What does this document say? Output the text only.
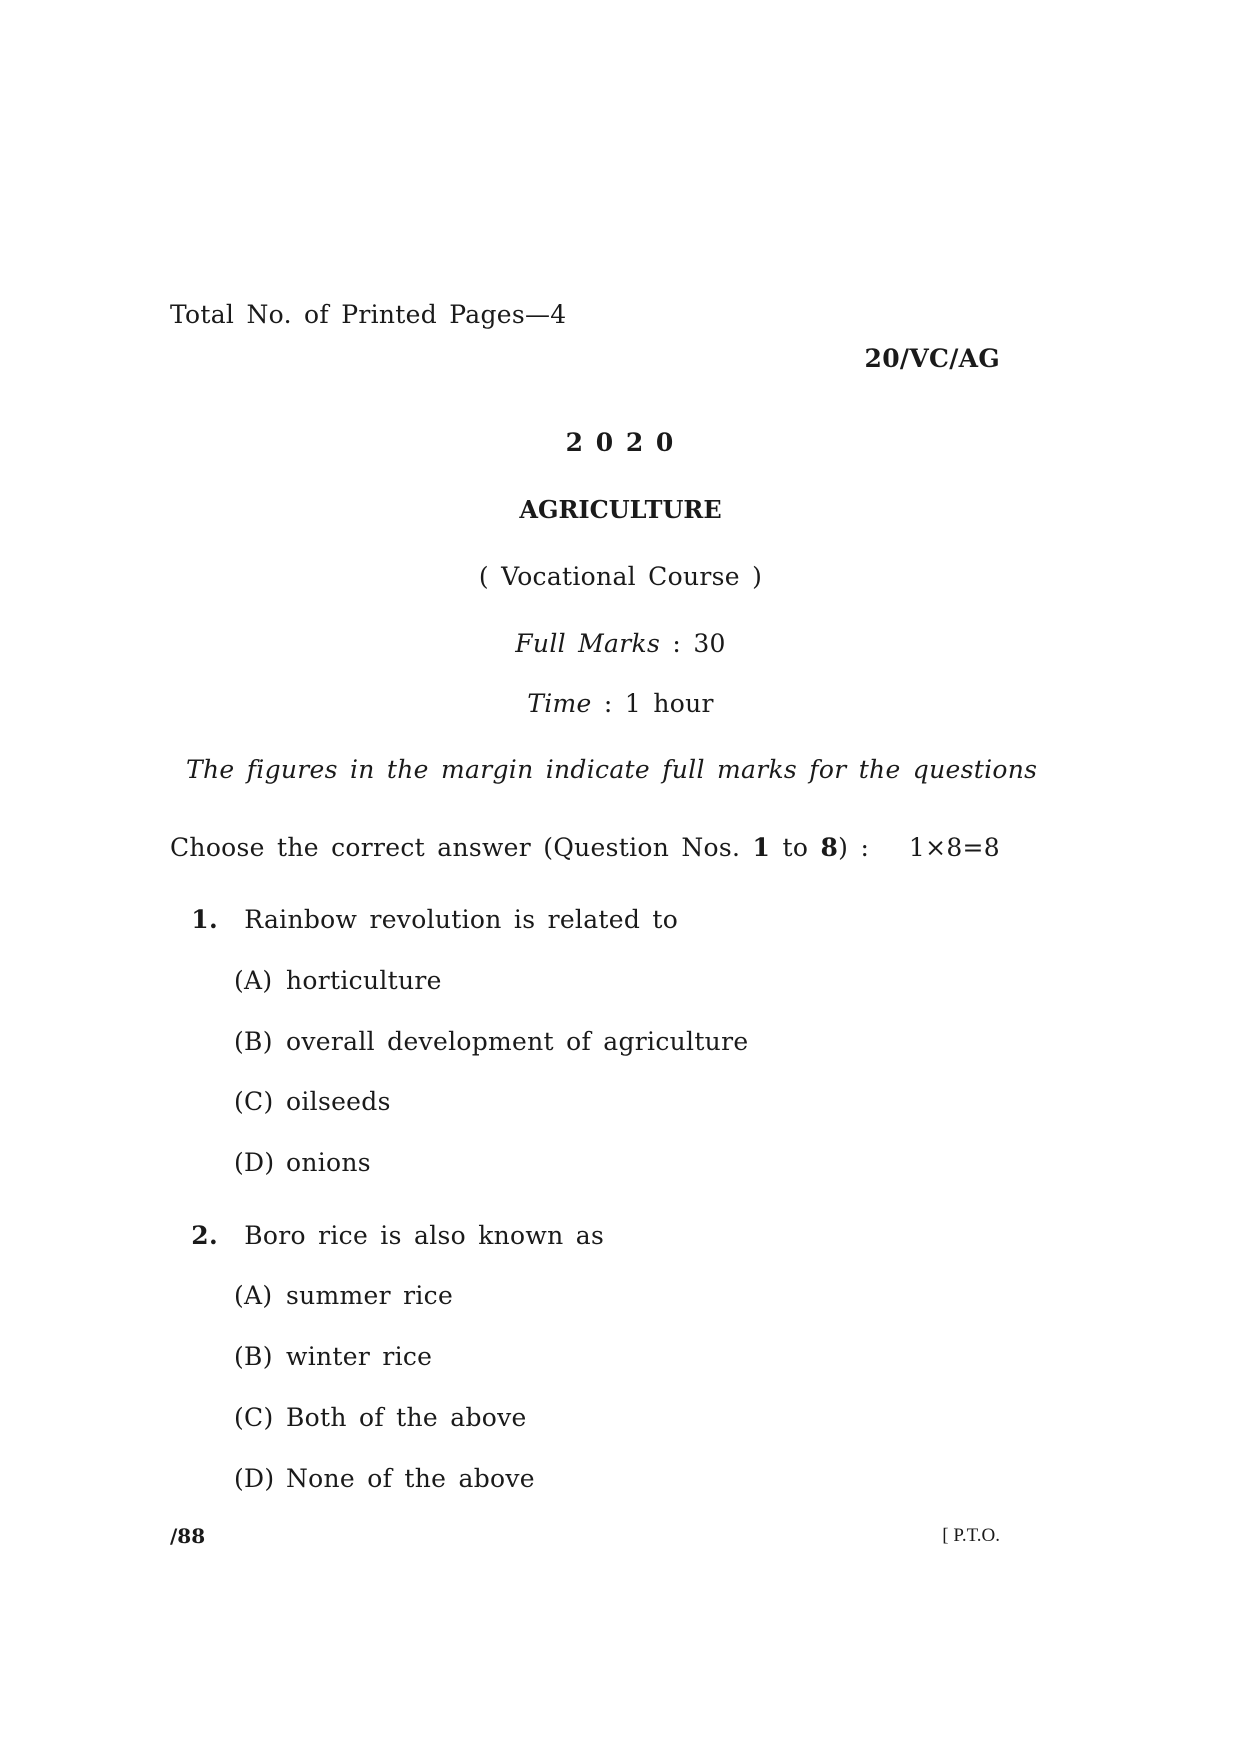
Total No. of Printed Pages—4
20/VC/AG
2 0 2 0
AGRICULTURE
( Vocational Course )
Full Marks : 30
Time : 1 hour
The figures in the margin indicate full marks for the questions
Choose the correct answer (Question Nos. 1 to 8) : 1×8=8
1. Rainbow revolution is related to
(A) horticulture
(B) overall development of agriculture
(C) oilseeds
(D) onions
2. Boro rice is also known as
(A) summer rice
(B) winter rice
(C) Both of the above
(D) None of the above
/88	[ P.T.O.
